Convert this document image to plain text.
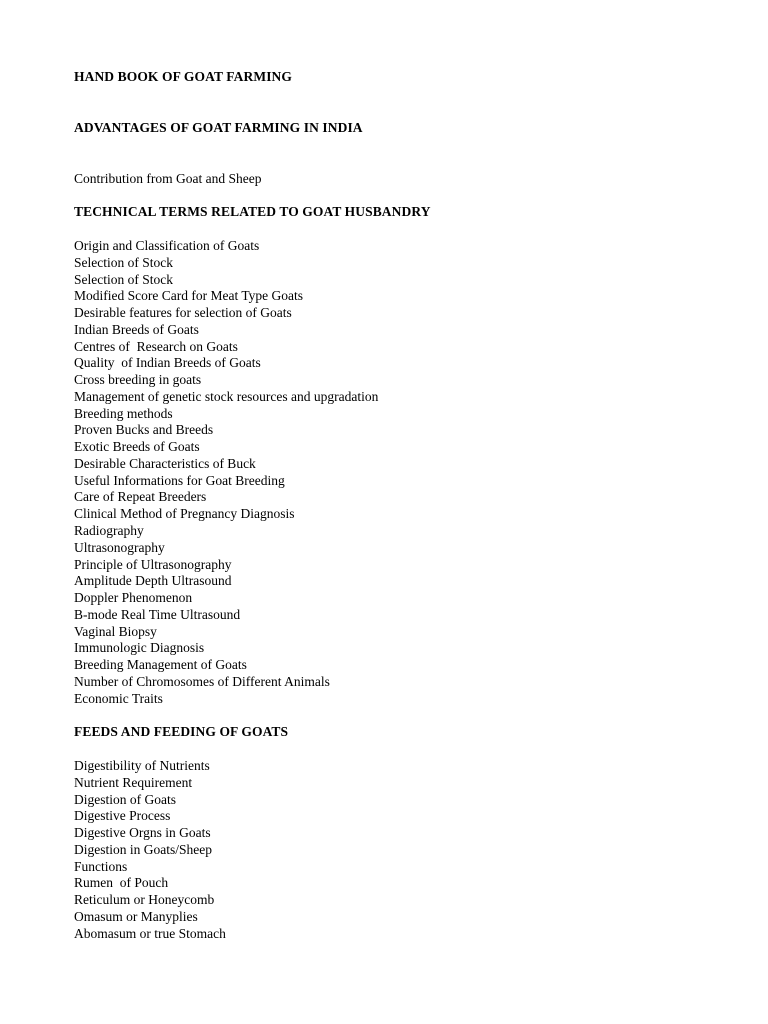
HAND BOOK OF GOAT FARMING
ADVANTAGES OF GOAT FARMING IN INDIA
Contribution from Goat and Sheep
TECHNICAL TERMS RELATED TO GOAT HUSBANDRY
Origin and Classification of Goats
Selection of Stock
Selection of Stock
Modified Score Card for Meat Type Goats
Desirable features for selection of Goats
Indian Breeds of Goats
Centres of  Research on Goats
Quality  of Indian Breeds of Goats
Cross breeding in goats
Management of genetic stock resources and upgradation
Breeding methods
Proven Bucks and Breeds
Exotic Breeds of Goats
Desirable Characteristics of Buck
Useful Informations for Goat Breeding
Care of Repeat Breeders
Clinical Method of Pregnancy Diagnosis
Radiography
Ultrasonography
Principle of Ultrasonography
Amplitude Depth Ultrasound
Doppler Phenomenon
B-mode Real Time Ultrasound
Vaginal Biopsy
Immunologic Diagnosis
Breeding Management of Goats
Number of Chromosomes of Different Animals
Economic Traits
FEEDS AND FEEDING OF GOATS
Digestibility of Nutrients
Nutrient Requirement
Digestion of Goats
Digestive Process
Digestive Orgns in Goats
Digestion in Goats/Sheep
Functions
Rumen  of Pouch
Reticulum or Honeycomb
Omasum or Manyplies
Abomasum or true Stomach
